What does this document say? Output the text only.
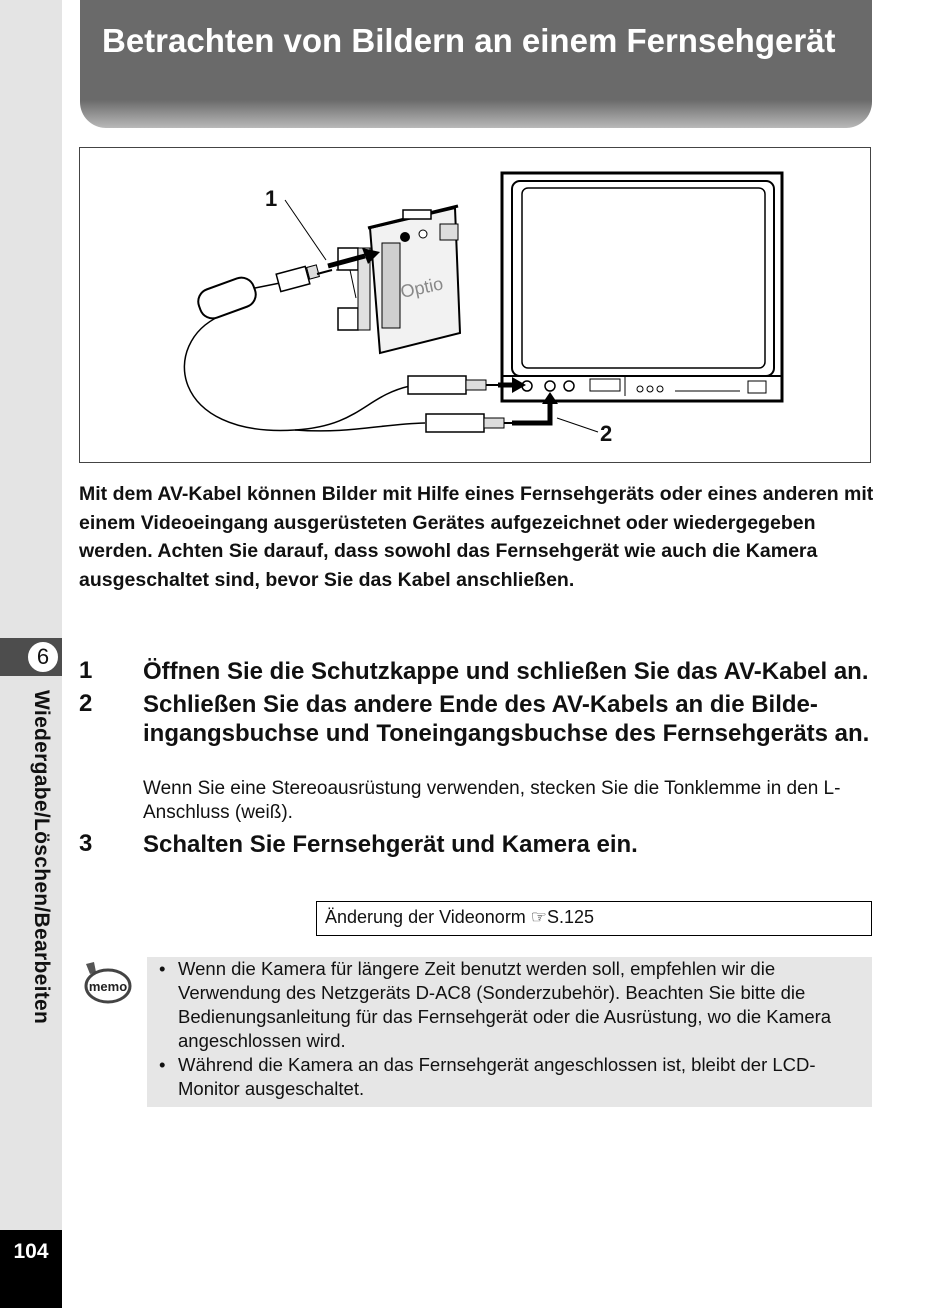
6
Wiedergabe/Löschen/Bearbeiten
104
Betrachten von Bildern an einem Fernsehgerät
Optio
1
2
Mit dem AV-Kabel können Bilder mit Hilfe eines Fernsehgeräts oder eines anderen mit einem Videoeingang ausgerüsteten Gerätes aufgezeichnet oder wiedergegeben werden. Achten Sie darauf, dass sowohl das Fernsehgerät wie auch die Kamera ausgeschaltet sind, bevor Sie das Kabel anschließen.
1 Öffnen Sie die Schutzkappe und schließen Sie das AV-Kabel an.
2 Schließen Sie das andere Ende des AV-Kabels an die Bilde- ingangsbuchse und Toneingangsbuchse des Fernsehgeräts an.
Wenn Sie eine Stereoausrüstung verwenden, stecken Sie die Tonklemme in den L-Anschluss (weiß).
3 Schalten Sie Fernsehgerät und Kamera ein.
Änderung der Videonorm ☞S.125
memo
• Wenn die Kamera für längere Zeit benutzt werden soll, empfehlen wir die Verwendung des Netzgeräts D-AC8 (Sonderzubehör). Beachten Sie bitte die Bedienungsanleitung für das Fernsehgerät oder die Ausrüstung, wo die Kamera angeschlossen wird.
• Während die Kamera an das Fernsehgerät angeschlossen ist, bleibt der LCD-Monitor ausgeschaltet.
